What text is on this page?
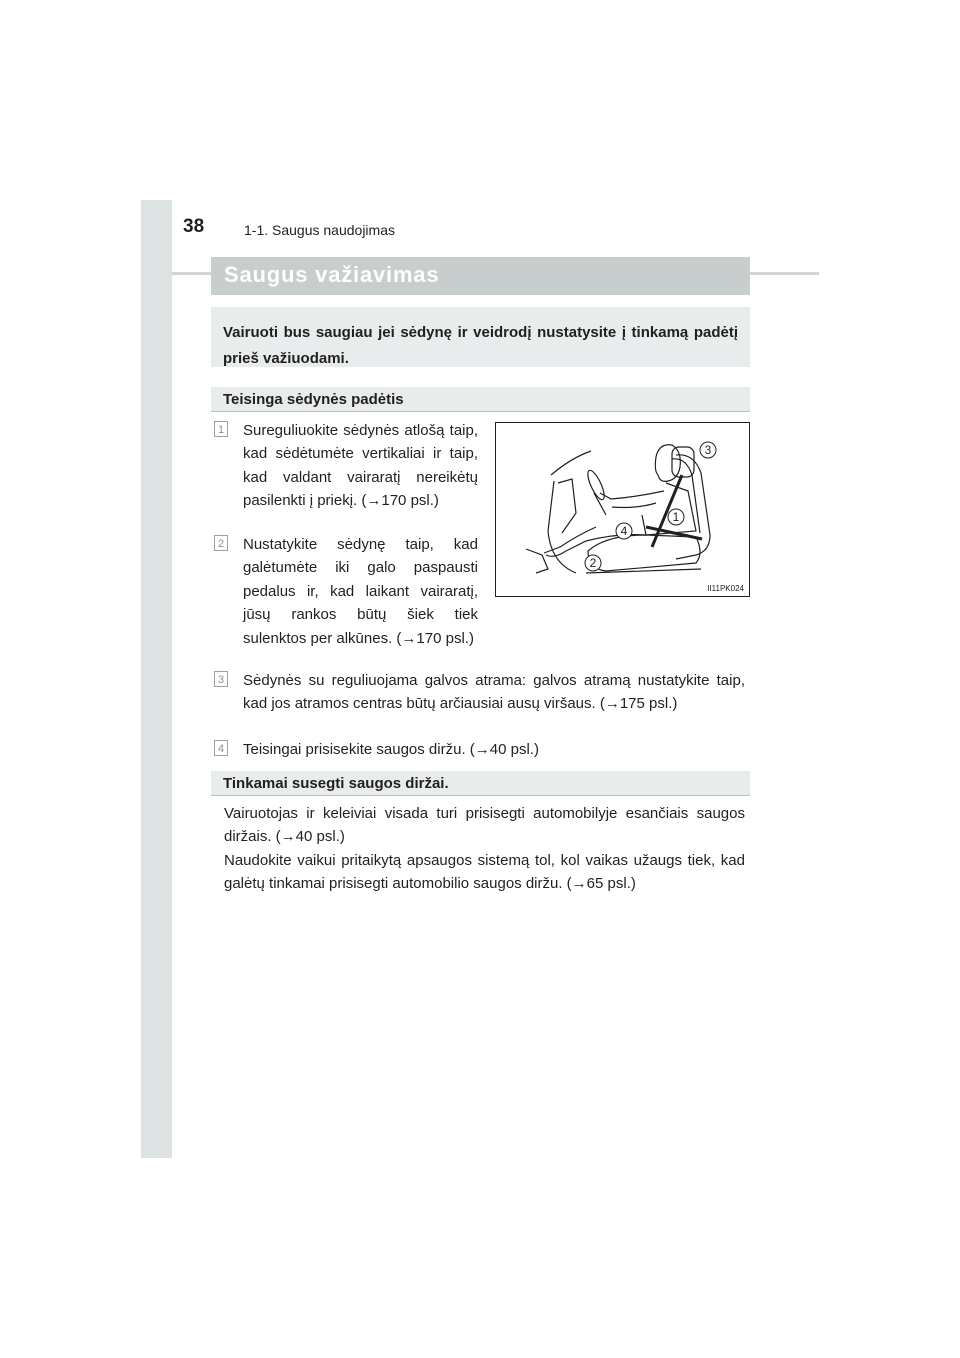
38	1-1. Saugus naudojimas
Saugus važiavimas
Vairuoti bus saugiau jei sėdynę ir veidrodį nustatysite į tinkamą padėtį prieš važiuodami.
Teisinga sėdynės padėtis
1 Sureguliuokite sėdynės atlošą taip, kad sėdėtumėte vertikaliai ir taip, kad valdant vairaratį nereikėtų pasilenkti į priekį. (→170 psl.)
2 Nustatykite sėdynę taip, kad galėtumėte iki galo paspausti pedalus ir, kad laikant vairaratį, jūsų rankos būtų šiek tiek sulenktos per alkūnes. (→170 psl.)
3 Sėdynės su reguliuojama galvos atrama: galvos atramą nustatykite taip, kad jos atramos centras būtų arčiausiai ausų viršaus. (→175 psl.)
4 Teisingai prisisekite saugos diržu. (→40 psl.)
3
1
4
2
II11PK024
Tinkamai susegti saugos diržai.
Vairuotojas ir keleiviai visada turi prisisegti automobilyje esančiais saugos diržais. (→40 psl.)
Naudokite vaikui pritaikytą apsaugos sistemą tol, kol vaikas užaugs tiek, kad galėtų tinkamai prisisegti automobilio saugos diržu. (→65 psl.)
